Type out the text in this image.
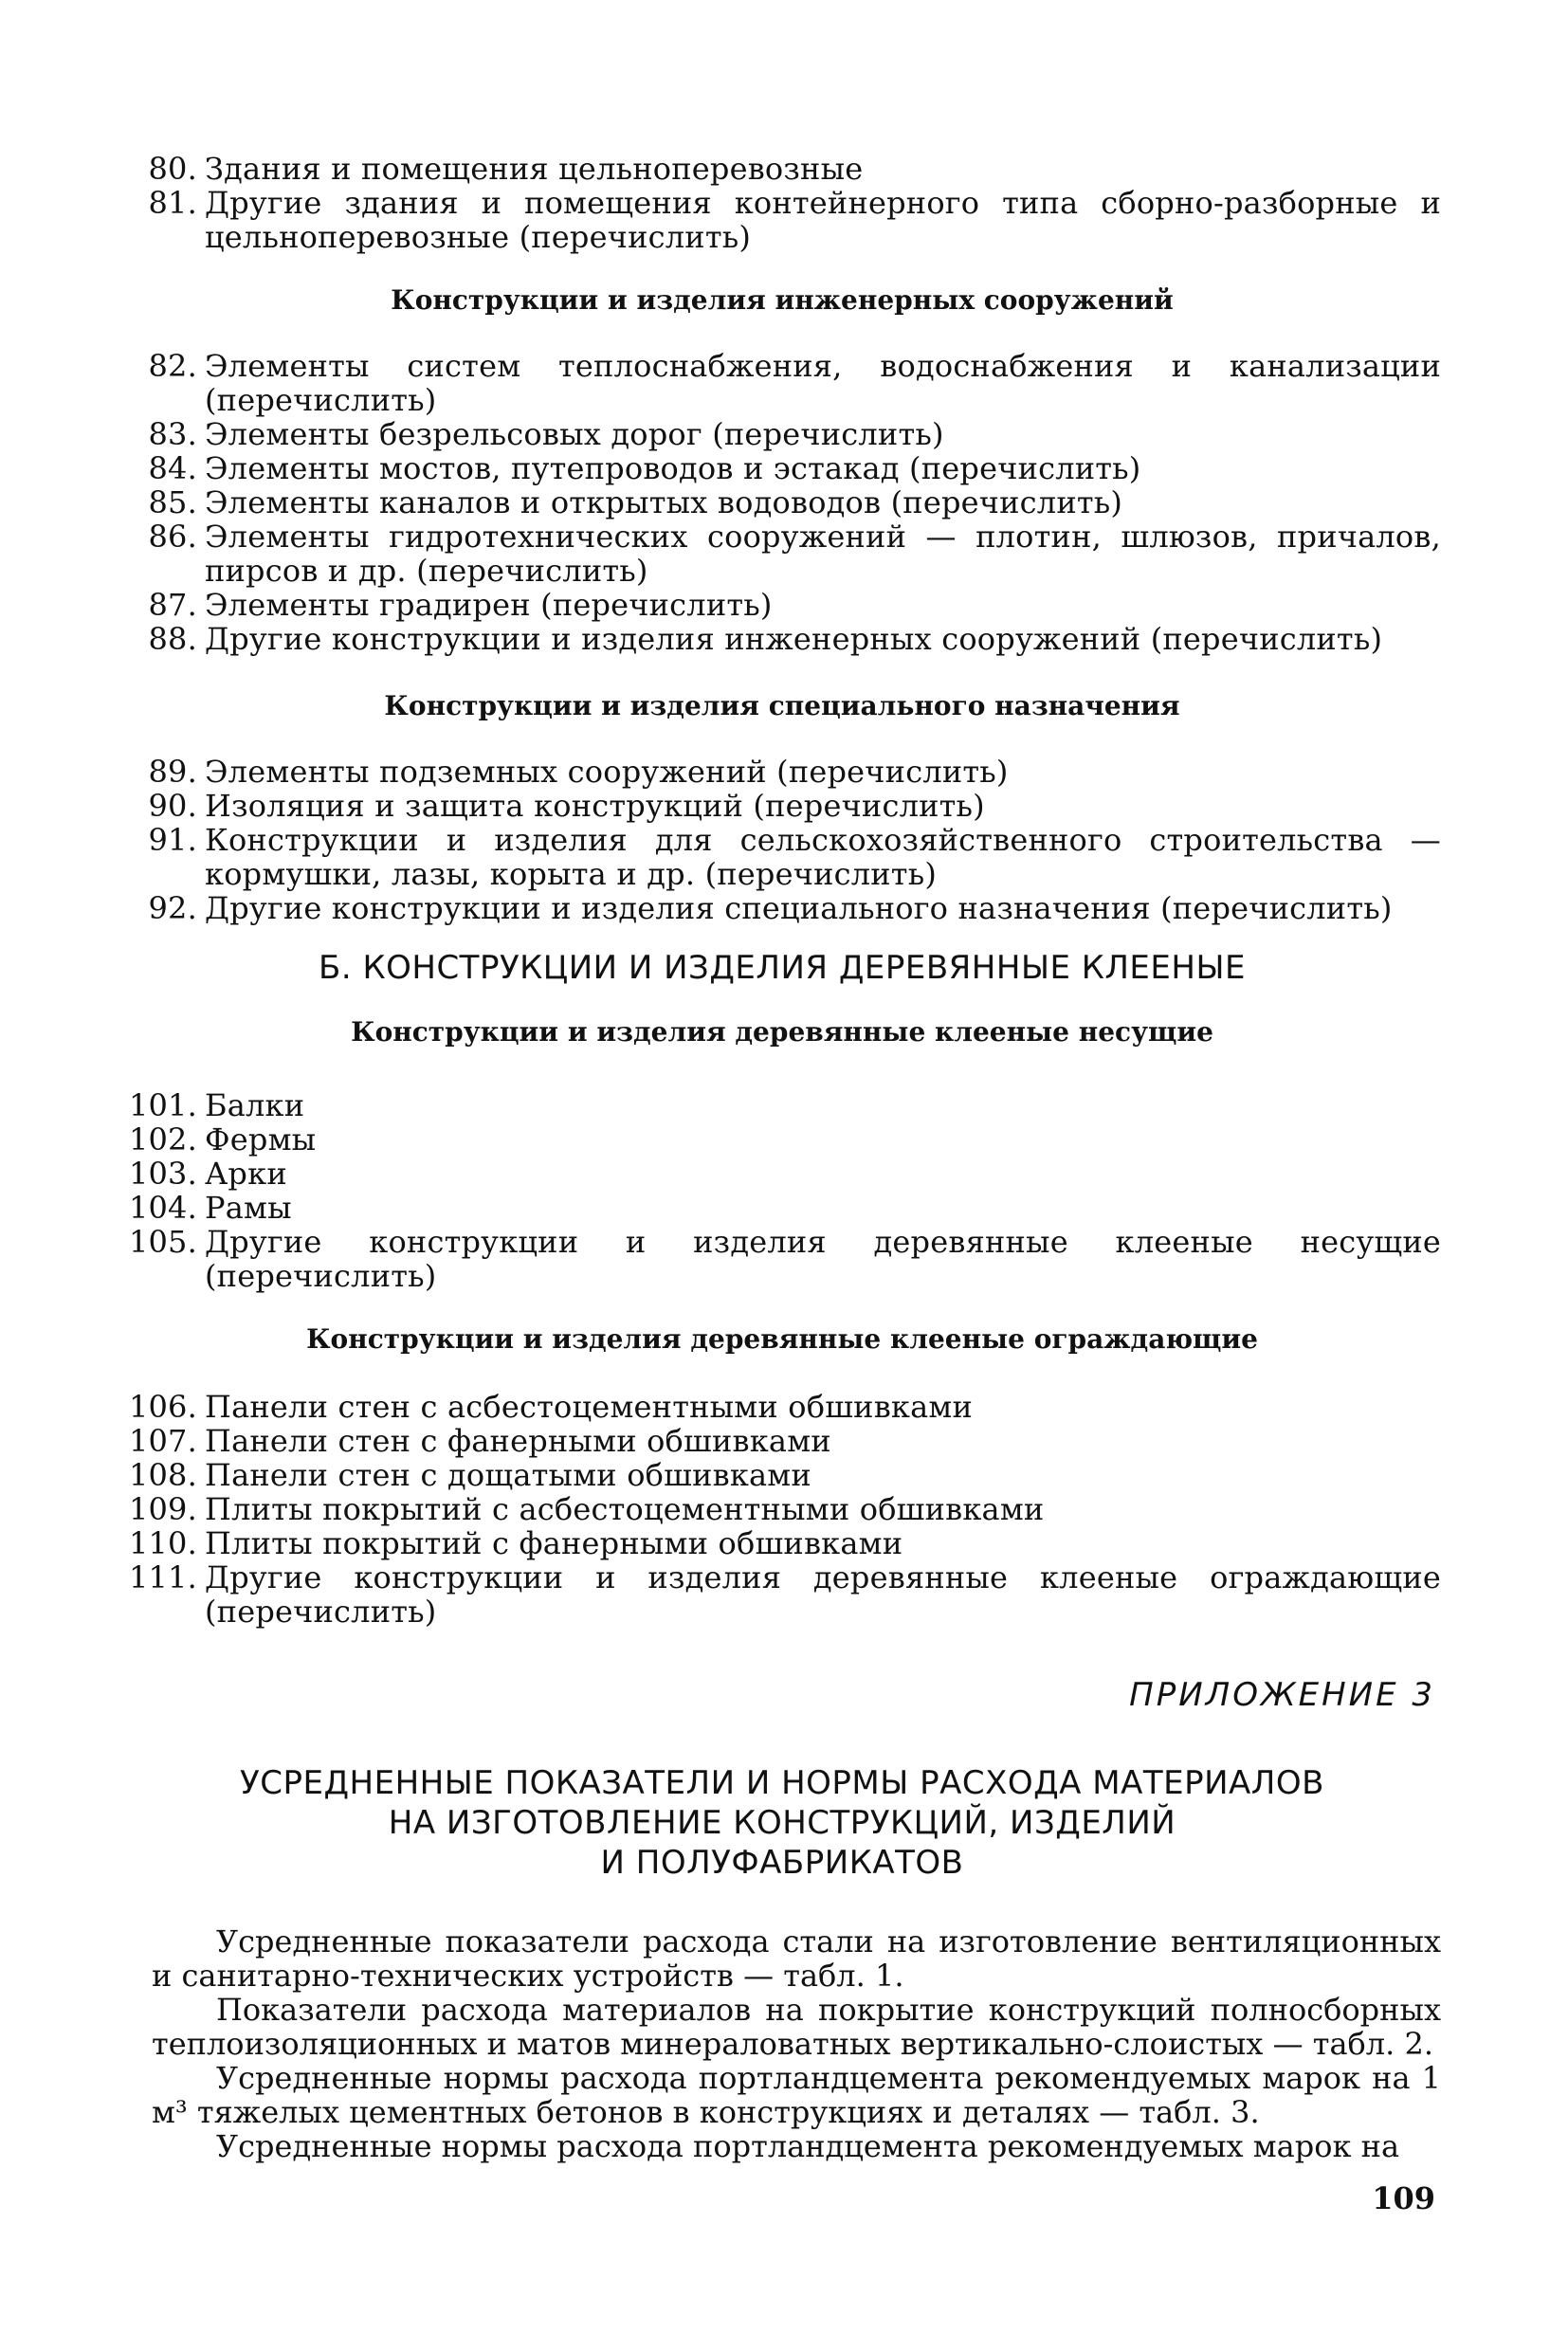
80. Здания и помещения цельноперевозные
81. Другие здания и помещения контейнерного типа сборно-разборные и цельноперевозные (перечислить)
Конструкции и изделия инженерных сооружений
82. Элементы систем теплоснабжения, водоснабжения и канализации (перечислить)
83. Элементы безрельсовых дорог (перечислить)
84. Элементы мостов, путепроводов и эстакад (перечислить)
85. Элементы каналов и открытых водоводов (перечислить)
86. Элементы гидротехнических сооружений — плотин, шлюзов, причалов, пирсов и др. (перечислить)
87. Элементы градирен (перечислить)
88. Другие конструкции и изделия инженерных сооружений (перечислить)
Конструкции и изделия специального назначения
89. Элементы подземных сооружений (перечислить)
90. Изоляция и защита конструкций (перечислить)
91. Конструкции и изделия для сельскохозяйственного строительства — кормушки, лазы, корыта и др. (перечислить)
92. Другие конструкции и изделия специального назначения (перечислить)
Б. КОНСТРУКЦИИ И ИЗДЕЛИЯ ДЕРЕВЯННЫЕ КЛЕЕНЫЕ
Конструкции и изделия деревянные клееные несущие
101. Балки
102. Фермы
103. Арки
104. Рамы
105. Другие конструкции и изделия деревянные клееные несущие (перечислить)
Конструкции и изделия деревянные клееные ограждающие
106. Панели стен с асбестоцементными обшивками
107. Панели стен с фанерными обшивками
108. Панели стен с дощатыми обшивками
109. Плиты покрытий с асбестоцементными обшивками
110. Плиты покрытий с фанерными обшивками
111. Другие конструкции и изделия деревянные клееные ограждающие (перечислить)
ПРИЛОЖЕНИЕ 3
УСРЕДНЕННЫЕ ПОКАЗАТЕЛИ И НОРМЫ РАСХОДА МАТЕРИАЛОВ
НА ИЗГОТОВЛЕНИЕ КОНСТРУКЦИЙ, ИЗДЕЛИЙ
И ПОЛУФАБРИКАТОВ
Усредненные показатели расхода стали на изготовление вентиляционных и санитарно-технических устройств — табл. 1.
Показатели расхода материалов на покрытие конструкций полносборных теплоизоляционных и матов минераловатных вертикально-слоистых — табл. 2.
Усредненные нормы расхода портландцемента рекомендуемых марок на 1 м³ тяжелых цементных бетонов в конструкциях и деталях — табл. 3.
Усредненные нормы расхода портландцемента рекомендуемых марок на
109
